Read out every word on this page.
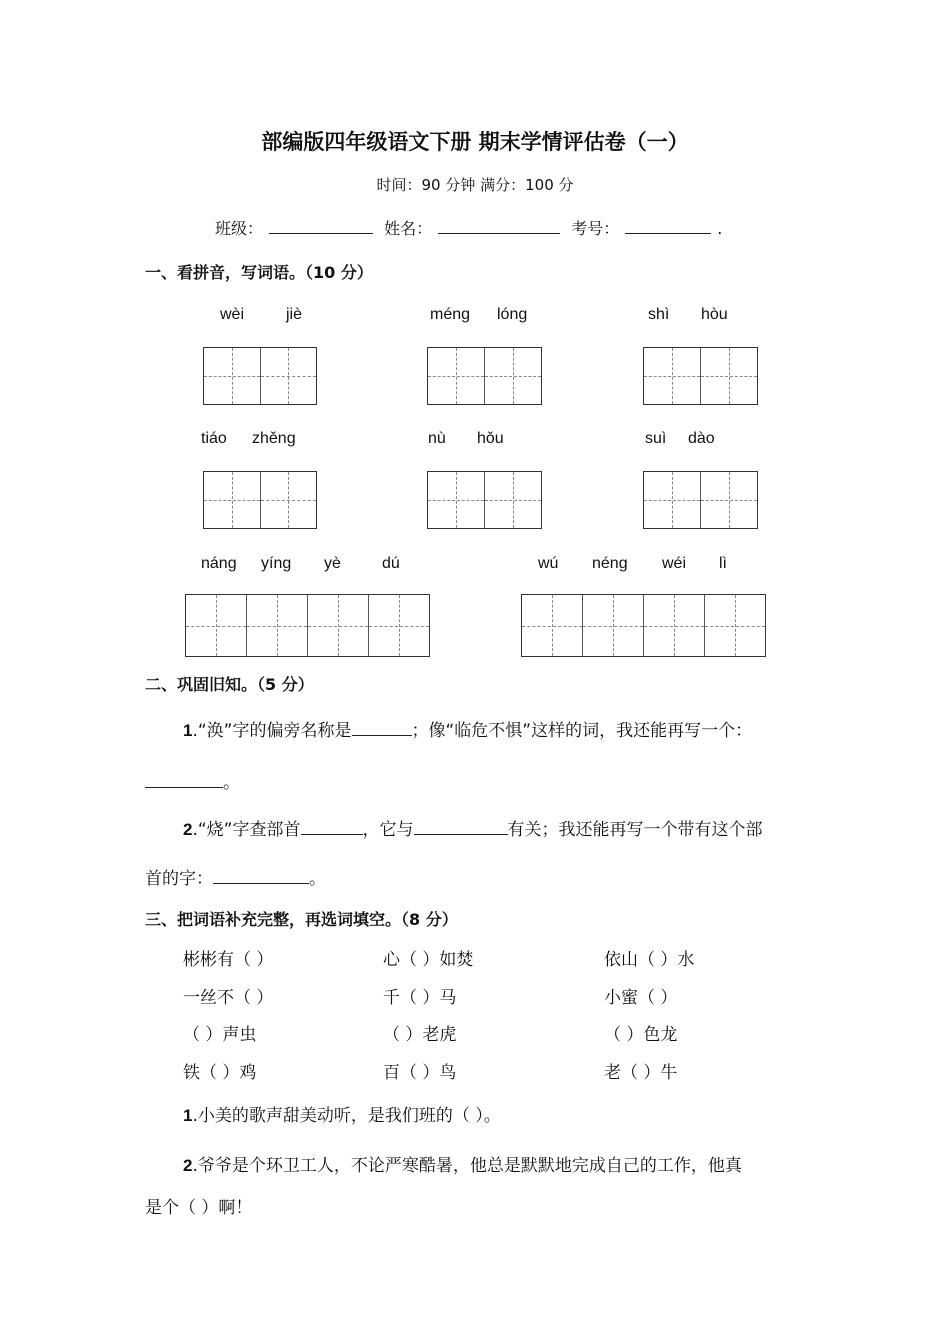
部编版四年级语文下册 期末学情评估卷（一）
时间：90 分钟 满分：100 分
班级：	姓名：	考号：	.
一、看拼音，写词语。（10 分）
wèi	jiè	méng lóng	shì hòu
tiáo zhěng	nù hǒu	suì dào
náng yíng yè	dú	wú néng wéi lì
二、巩固旧知。（5 分）
1.“涣”字的偏旁名称是	；像“临危不惧”这样的词，我还能再写一个：
。
2.“烧”字查部首	，它与	有关；我还能再写一个带有这个部
首的字：	。
三、把词语补充完整，再选词填空。（8 分）
彬彬有（ ）	心（ ）如焚	依山（ ）水
一丝不（ ）	千（ ）马	小蜜（ ）
（ ）声虫	（ ）老虎	（ ）色龙
铁（ ）鸡	百（ ）鸟	老（ ）牛
1.小美的歌声甜美动听，是我们班的（ ）。
2.爷爷是个环卫工人，不论严寒酷暑，他总是默默地完成自己的工作，他真
是个（ ）啊！
